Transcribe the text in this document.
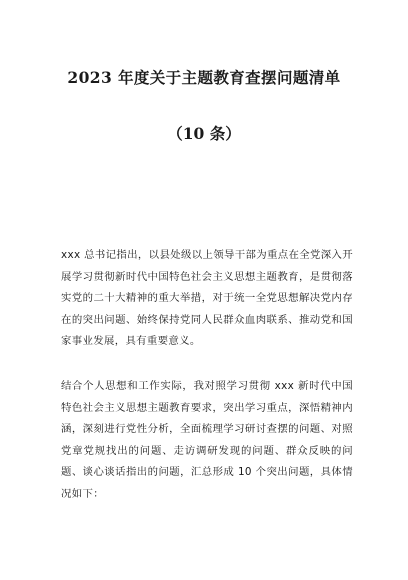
2023 年度关于主题教育查摆问题清单
（10 条）

xxx 总书记指出，以县处级以上领导干部为重点在全党深入开展学习贯彻新时代中国特色社会主义思想主题教育，是贯彻落实党的二十大精神的重大举措，对于统一全党思想解决党内存在的突出问题、始终保持党同人民群众血肉联系、推动党和国家事业发展，具有重要意义。

结合个人思想和工作实际，我对照学习贯彻 xxx 新时代中国特色社会主义思想主题教育要求，突出学习重点，深悟精神内涵，深刻进行党性分析，全面梳理学习研讨查摆的问题、对照党章党规找出的问题、走访调研发现的问题、群众反映的问题、谈心谈话指出的问题，汇总形成 10 个突出问题，具体情况如下：
